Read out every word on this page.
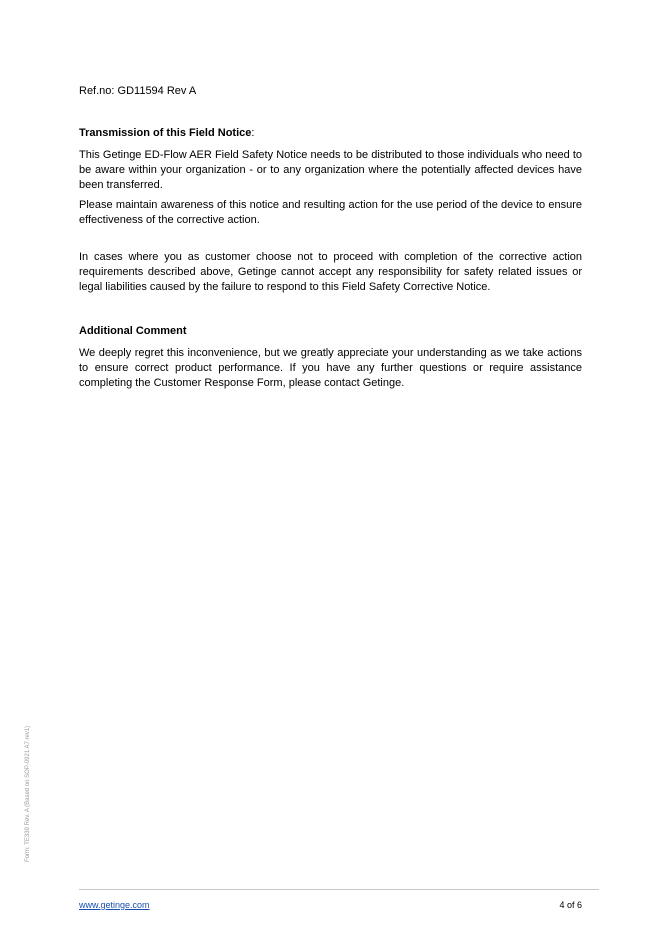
Ref.no: GD11594 Rev A
Transmission of this Field Notice:

This Getinge ED-Flow AER Field Safety Notice needs to be distributed to those individuals who need to be aware within your organization - or to any organization where the potentially affected devices have been transferred.

Please maintain awareness of this notice and resulting action for the use period of the device to ensure effectiveness of the corrective action.

In cases where you as customer choose not to proceed with completion of the corrective action requirements described above, Getinge cannot accept any responsibility for safety related issues or legal liabilities caused by the failure to respond to this Field Safety Corrective Notice.

Additional Comment

We deeply regret this inconvenience, but we greatly appreciate your understanding as we take actions to ensure correct product performance. If you have any further questions or require assistance completing the Customer Response Form, please contact Getinge.

Form: TE339 Rev. A (Based on SOP-0921 A7 rev1)
www.getinge.com	4 of 6
